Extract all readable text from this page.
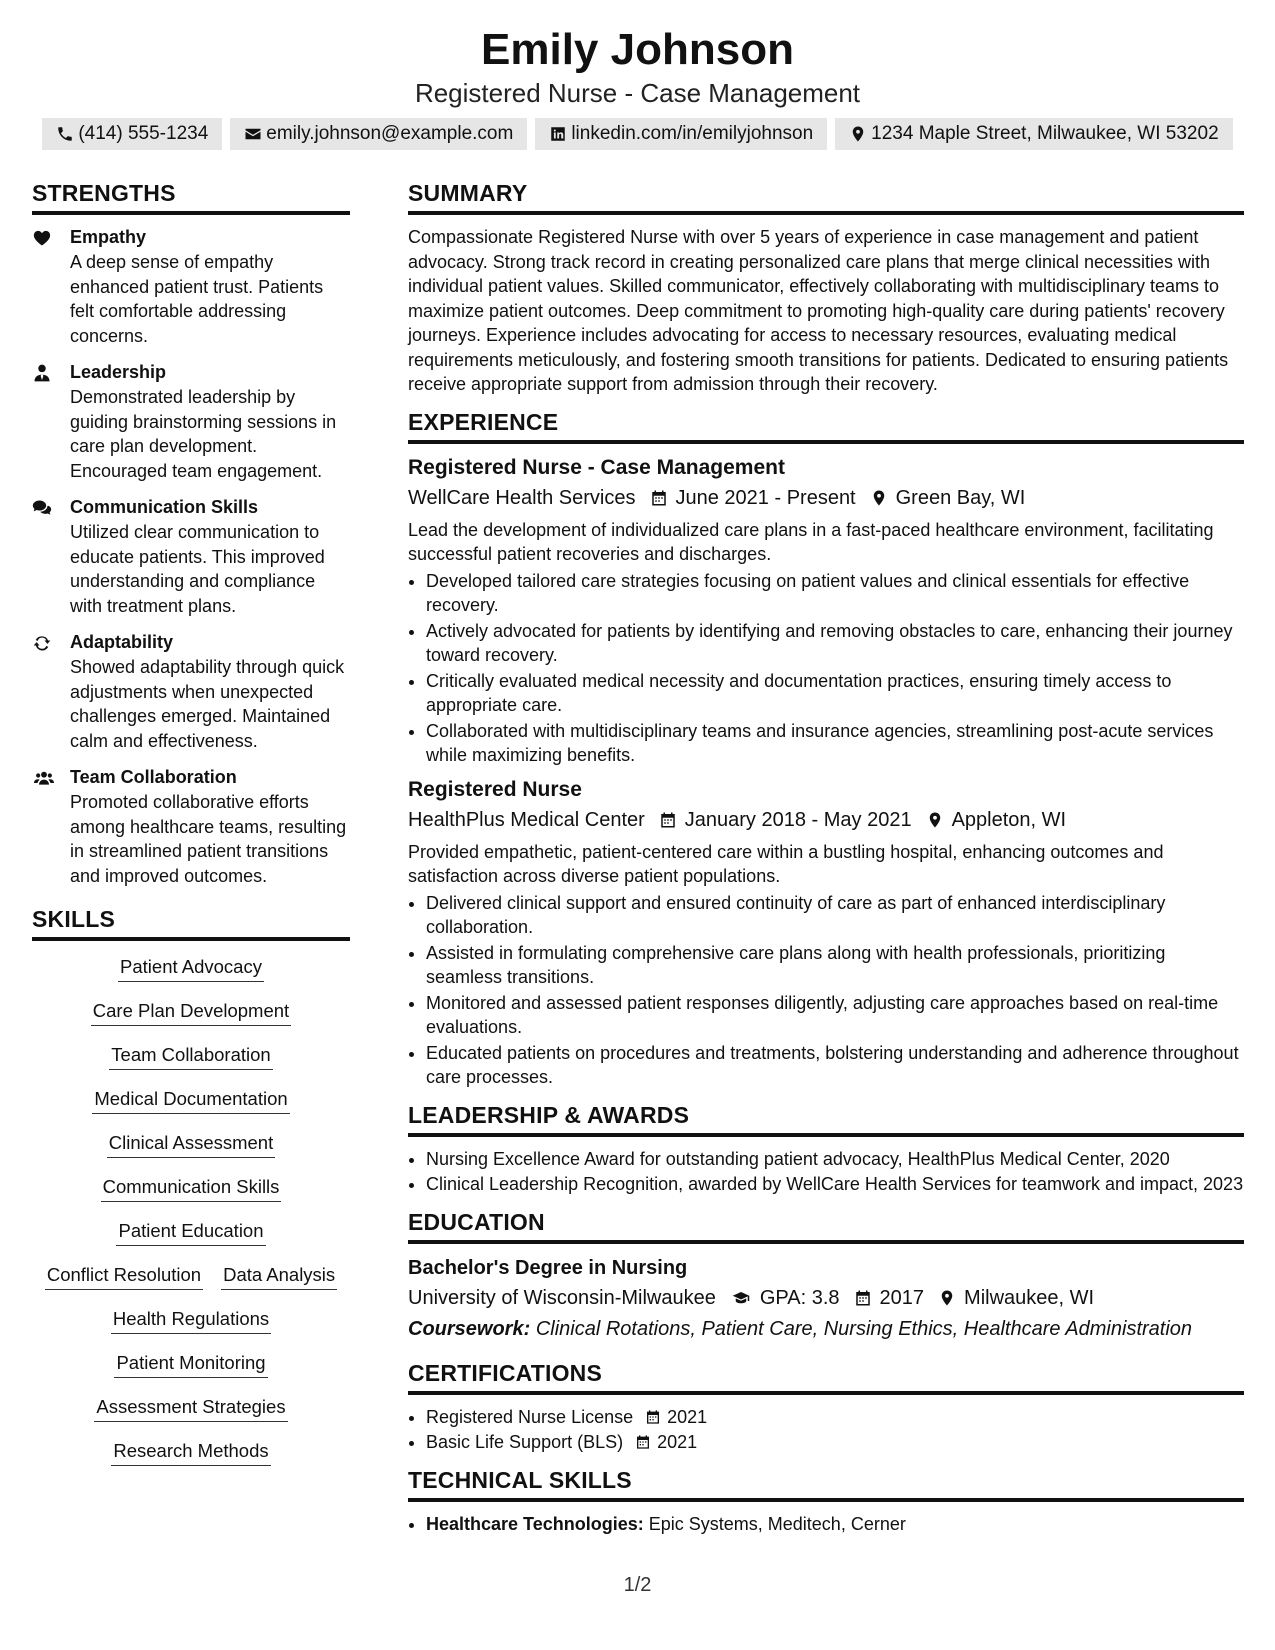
Emily Johnson
Registered Nurse - Case Management
(414) 555-1234	emily.johnson@example.com	linkedin.com/in/emilyjohnson	1234 Maple Street, Milwaukee, WI 53202
STRENGTHS
Empathy
A deep sense of empathy enhanced patient trust. Patients felt comfortable addressing concerns.
Leadership
Demonstrated leadership by guiding brainstorming sessions in care plan development. Encouraged team engagement.
Communication Skills
Utilized clear communication to educate patients. This improved understanding and compliance with treatment plans.
Adaptability
Showed adaptability through quick adjustments when unexpected challenges emerged. Maintained calm and effectiveness.
Team Collaboration
Promoted collaborative efforts among healthcare teams, resulting in streamlined patient transitions and improved outcomes.
SKILLS
Patient Advocacy
Care Plan Development
Team Collaboration
Medical Documentation
Clinical Assessment
Communication Skills
Patient Education
Conflict Resolution Data Analysis
Health Regulations
Patient Monitoring
Assessment Strategies
Research Methods
SUMMARY
Compassionate Registered Nurse with over 5 years of experience in case management and patient advocacy. Strong track record in creating personalized care plans that merge clinical necessities with individual patient values. Skilled communicator, effectively collaborating with multidisciplinary teams to maximize patient outcomes. Deep commitment to promoting high-quality care during patients' recovery journeys. Experience includes advocating for access to necessary resources, evaluating medical requirements meticulously, and fostering smooth transitions for patients. Dedicated to ensuring patients receive appropriate support from admission through their recovery.
EXPERIENCE
Registered Nurse - Case Management
WellCare Health Services June 2021 - Present Green Bay, WI
Lead the development of individualized care plans in a fast-paced healthcare environment, facilitating successful patient recoveries and discharges.
• Developed tailored care strategies focusing on patient values and clinical essentials for effective recovery.
• Actively advocated for patients by identifying and removing obstacles to care, enhancing their journey toward recovery.
• Critically evaluated medical necessity and documentation practices, ensuring timely access to appropriate care.
• Collaborated with multidisciplinary teams and insurance agencies, streamlining post-acute services while maximizing benefits.
Registered Nurse
HealthPlus Medical Center January 2018 - May 2021 Appleton, WI
Provided empathetic, patient-centered care within a bustling hospital, enhancing outcomes and satisfaction across diverse patient populations.
• Delivered clinical support and ensured continuity of care as part of enhanced interdisciplinary collaboration.
• Assisted in formulating comprehensive care plans along with health professionals, prioritizing seamless transitions.
• Monitored and assessed patient responses diligently, adjusting care approaches based on real-time evaluations.
• Educated patients on procedures and treatments, bolstering understanding and adherence throughout care processes.
LEADERSHIP & AWARDS
• Nursing Excellence Award for outstanding patient advocacy, HealthPlus Medical Center, 2020
• Clinical Leadership Recognition, awarded by WellCare Health Services for teamwork and impact, 2023
EDUCATION
Bachelor's Degree in Nursing
University of Wisconsin-Milwaukee GPA: 3.8 2017 Milwaukee, WI
Coursework: Clinical Rotations, Patient Care, Nursing Ethics, Healthcare Administration
CERTIFICATIONS
• Registered Nurse License 2021
• Basic Life Support (BLS) 2021
TECHNICAL SKILLS
• Healthcare Technologies: Epic Systems, Meditech, Cerner
1/2
